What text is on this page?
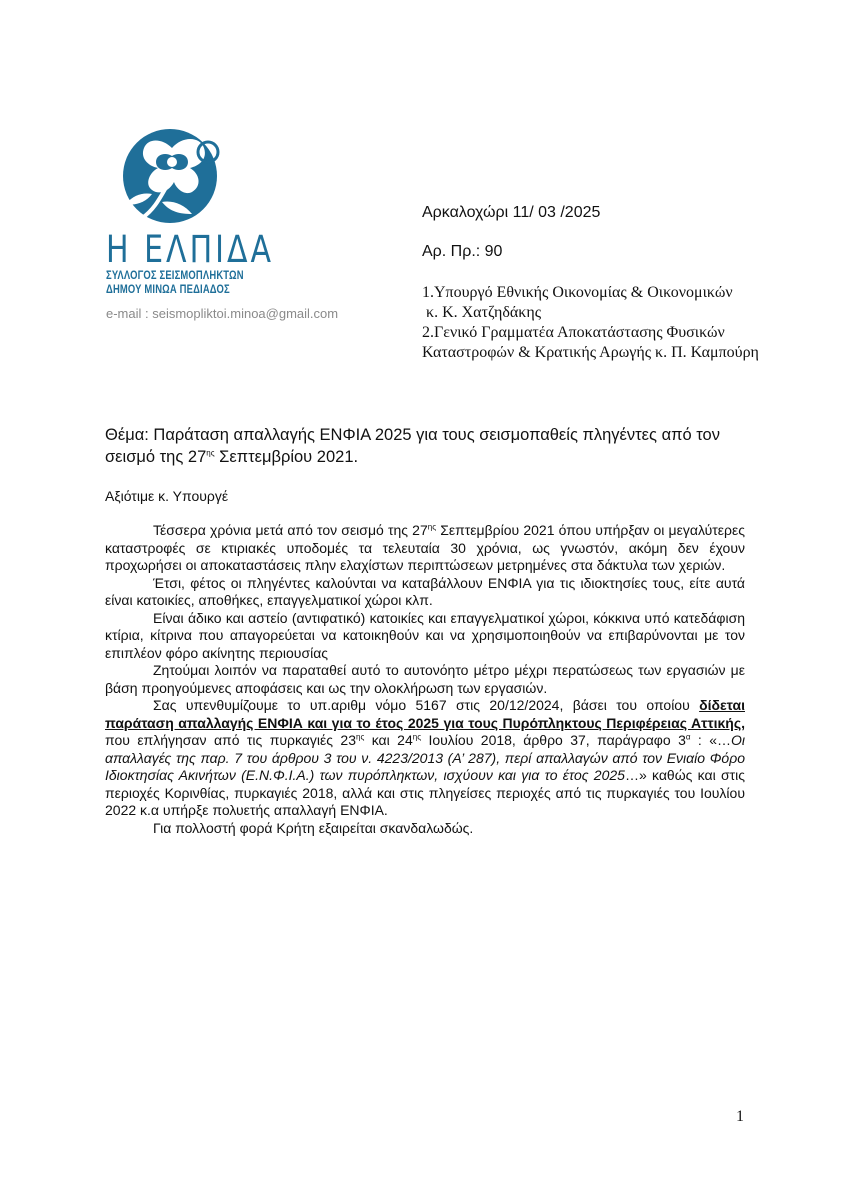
Η ΕΛΠΙΔΑ
ΣΥΛΛΟΓΟΣ ΣΕΙΣΜΟΠΛΗΚΤΩΝ
ΔΗΜΟΥ ΜΙΝΩΑ ΠΕΔΙΑΔΟΣ
e-mail : seismopliktoi.minoa@gmail.com
Αρκαλοχώρι 11/ 03 /2025
Αρ. Πρ.: 90
1.Υπουργό Εθνικής Οικονομίας & Οικονομικών
κ. Κ. Χατζηδάκης
2.Γενικό Γραμματέα Αποκατάστασης Φυσικών
Καταστροφών & Κρατικής Αρωγής κ. Π. Καμπούρη
Θέμα: Παράταση απαλλαγής ΕΝΦΙΑ 2025 για τους σεισμοπαθείς πληγέντες από τον σεισμό της $27^{\eta\varsigma}$ Σεπτεμβρίου 2021.
Αξιότιμε κ. Υπουργέ

Τέσσερα χρόνια μετά από τον σεισμό της $27^{\eta\varsigma}$ Σεπτεμβρίου 2021 όπου υπήρξαν οι μεγαλύτερες καταστροφές σε κτιριακές υποδομές τα τελευταία 30 χρόνια, ως γνωστόν, ακόμη δεν έχουν προχωρήσει οι αποκαταστάσεις πλην ελαχίστων περιπτώσεων μετρημένες στα δάκτυλα των χεριών.

Έτσι, φέτος οι πληγέντες καλούνται να καταβάλλουν ΕΝΦΙΑ για τις ιδιοκτησίες τους, είτε αυτά είναι κατοικίες, αποθήκες, επαγγελματικοί χώροι κλπ.

Είναι άδικο και αστείο (αντιφατικό) κατοικίες και επαγγελματικοί χώροι, κόκκινα υπό κατεδάφιση κτίρια, κίτρινα που απαγορεύεται να κατοικηθούν και να χρησιμοποιηθούν να επιβαρύνονται με τον επιπλέον φόρο ακίνητης περιουσίας

Ζητούμαι λοιπόν να παραταθεί αυτό το αυτονόητο μέτρο μέχρι περατώσεως των εργασιών με βάση προηγούμενες αποφάσεις και ως την ολοκλήρωση των εργασιών.

Σας υπενθυμίζουμε το υπ.αριθμ νόμο 5167 στις 20/12/2024, βάσει του οποίου δίδεται παράταση απαλλαγής ΕΝΦΙΑ και για το έτος 2025 για τους Πυρόπληκτους Περιφέρειας Αττικής, που επλήγησαν από τις πυρκαγιές $23^{\eta\varsigma}$ και $24^{\eta\varsigma}$ Ιουλίου 2018, άρθρο 37, παράγραφο $3^\alpha$ : «…Οι απαλλαγές της παρ. 7 του άρθρου 3 του ν. 4223/2013 (Α’ 287), περί απαλλαγών από τον Ενιαίο Φόρο Ιδιοκτησίας Ακινήτων (Ε.Ν.Φ.Ι.Α.) των πυρόπληκτων, ισχύουν και για το έτος 2025…» καθώς και στις περιοχές Κορινθίας, πυρκαγιές 2018, αλλά και στις πληγείσες περιοχές από τις πυρκαγιές του Ιουλίου 2022 κ.α υπήρξε πολυετής απαλλαγή ΕΝΦΙΑ.

Για πολλοστή φορά Κρήτη εξαιρείται σκανδαλωδώς.

1
